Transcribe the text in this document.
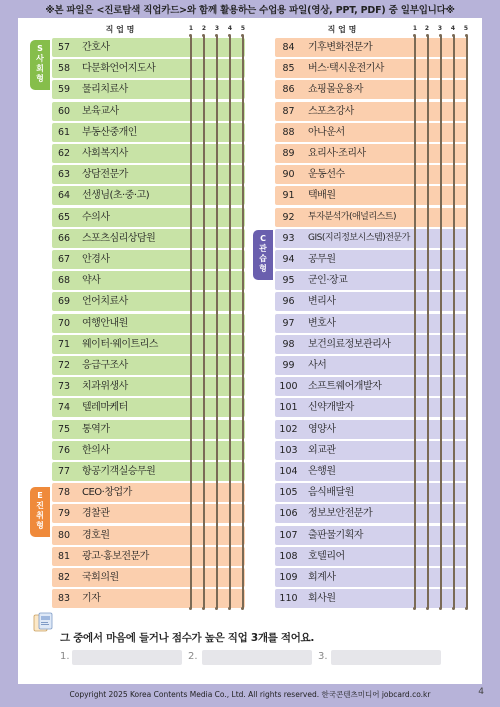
※본 파일은 <진로탐색 직업카드>와 함께 활용하는 수업용 파일(영상, PPT, PDF) 중 일부입니다※
직 업 명	1	2	3	4	5	직 업 명	1	2	3	4	5
57	간호사
58	다문화언어지도사
59	물리치료사
60	보육교사
61	부동산중개인
62	사회복지사
63	상담전문가
64	선생님(초·중·고)
65	수의사
66	스포츠심리상담원
67	안경사
68	약사
69	언어치료사
70	여행안내원
71	웨이터·웨이트리스
72	응급구조사
73	치과위생사
74	텔레마케터
75	통역가
76	한의사
77	항공기객실승무원
78	CEO·창업가
79	경찰관
80	경호원
81	광고·홍보전문가
82	국회의원
83	기자
84	기후변화전문가
85	버스·택시운전기사
86	쇼핑몰운용자
87	스포츠강사
88	아나운서
89	요리사·조리사
90	운동선수
91	택배원
92	투자분석가(애널리스트)
93	GIS(지리정보시스템)전문가
94	공무원
95	군인·장교
96	변리사
97	변호사
98	보건의료정보관리사
99	사서
100	소프트웨어개발자
101	신약개발자
102	영양사
103	외교관
104	은행원
105	음식배달원
106	정보보안전문가
107	출판물기획자
108	호텔리어
109	회계사
110	회사원
S
사
회
형
E
진
취
형
C
관
습
형
그 중에서 마음에 들거나 점수가 높은 직업 3개를 적어요.
1.	2.	3.
Copyright 2025 Korea Contents Media Co., Ltd. All rights reserved. 한국콘텐츠미디어 jobcard.co.kr	4
